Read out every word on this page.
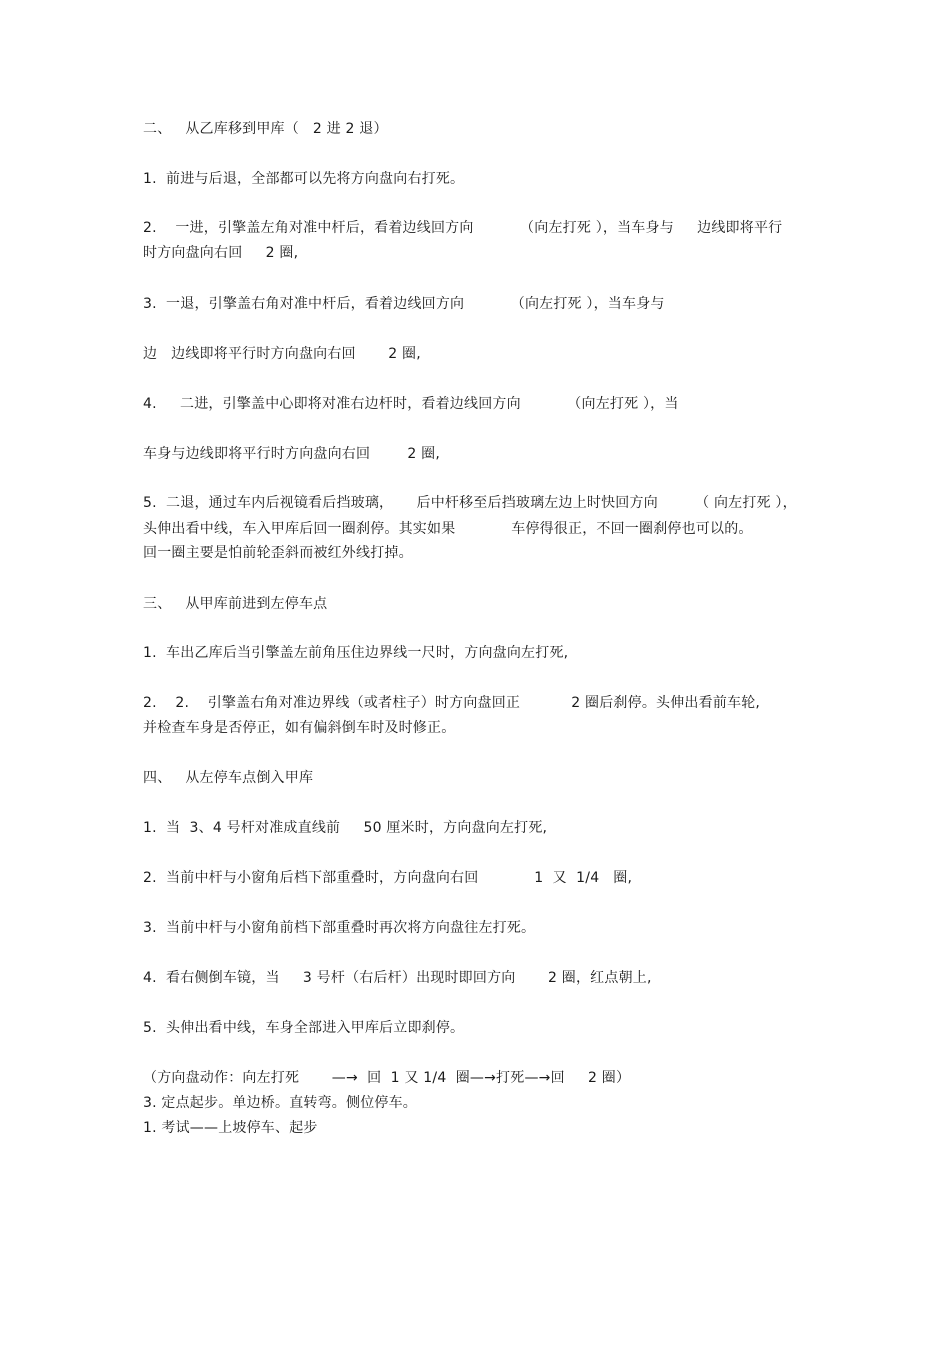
二、   从乙库移到甲库（   2 进 2 退）
1.  前进与后退，全部都可以先将方向盘向右打死。
2.    一进，引擎盖左角对准中杆后，看着边线回方向          （向左打死 ），当车身与     边线即将平行
时方向盘向右回     2 圈,
3.  一退，引擎盖右角对准中杆后，看着边线回方向          （向左打死 ），当车身与
边   边线即将平行时方向盘向右回       2 圈,
4.     二进，引擎盖中心即将对准右边杆时，看着边线回方向          （向左打死 ），当
车身与边线即将平行时方向盘向右回        2 圈,
5.  二退，通过车内后视镜看后挡玻璃，     后中杆移至后挡玻璃左边上时快回方向        （ 向左打死 ），
头伸出看中线，车入甲库后回一圈刹停。其实如果            车停得很正，不回一圈刹停也可以的。
回一圈主要是怕前轮歪斜而被红外线打掉。
三、   从甲库前进到左停车点
1.  车出乙库后当引擎盖左前角压住边界线一尺时，方向盘向左打死,
2.    2.    引擎盖右角对准边界线（或者柱子）时方向盘回正           2 圈后刹停。头伸出看前车轮,
并检查车身是否停正，如有偏斜倒车时及时修正。
四、   从左停车点倒入甲库
1.  当  3、4 号杆对准成直线前     50 厘米时，方向盘向左打死,
2.  当前中杆与小窗角后档下部重叠时，方向盘向右回            1  又  1/4   圈,
3.  当前中杆与小窗角前档下部重叠时再次将方向盘往左打死。
4.  看右侧倒车镜，当     3 号杆（右后杆）出现时即回方向       2 圈，红点朝上,
5.  头伸出看中线，车身全部进入甲库后立即刹停。
（方向盘动作：向左打死       —→  回  1 又 1/4  圈—→打死—→回     2 圈）
3. 定点起步。单边桥。直转弯。侧位停车。
1. 考试——上坡停车、起步
